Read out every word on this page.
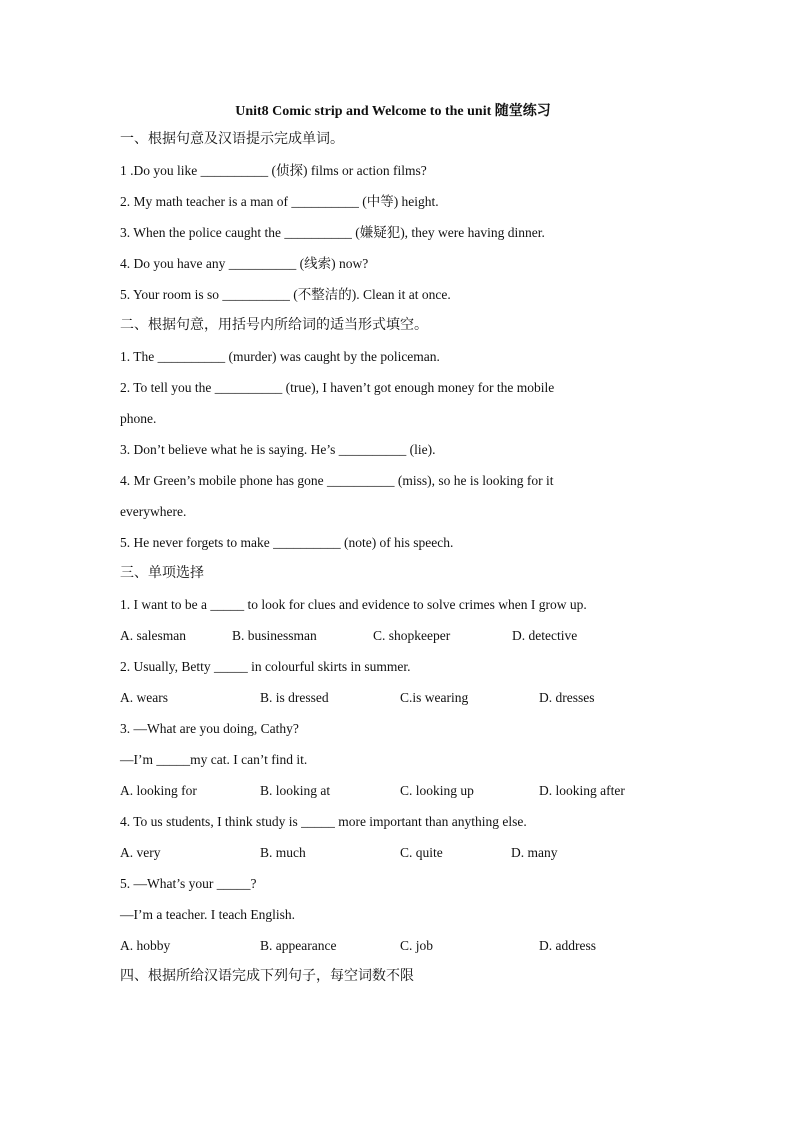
Unit8 Comic strip and Welcome to the unit 随堂练习
一、根据句意及汉语提示完成单词。
1 .Do you like __________ (侦探) films or action films?
2. My math teacher is a man of __________ (中等) height.
3. When the police caught the __________ (嫌疑犯), they were having dinner.
4. Do you have any __________ (线索) now?
5. Your room is so __________ (不整洁的). Clean it at once.
二、根据句意，用括号内所给词的适当形式填空。
1. The __________ (murder) was caught by the policeman.
2. To tell you the __________ (true), I haven’t got enough money for the mobile
phone.
3. Don’t believe what he is saying. He’s __________ (lie).
4. Mr Green’s mobile phone has gone __________ (miss), so he is looking for it
everywhere.
5. He never forgets to make __________ (note) of his speech.
三、单项选择
1. I want to be a _____ to look for clues and evidence to solve crimes when I grow up.
A. salesman	B. businessman	C. shopkeeper	D. detective
2. Usually, Betty _____ in colourful skirts in summer.
A. wears	B. is dressed	C.is wearing	D. dresses
3. —What are you doing, Cathy?
—I’m _____my cat. I can’t find it.
A. looking for	B. looking at	C. looking up	D. looking after
4. To us students, I think study is _____ more important than anything else.
A. very	B. much	C. quite	D. many
5. —What’s your _____?
—I’m a teacher. I teach English.
A. hobby	B. appearance	C. job	D. address
四、根据所给汉语完成下列句子，每空词数不限
